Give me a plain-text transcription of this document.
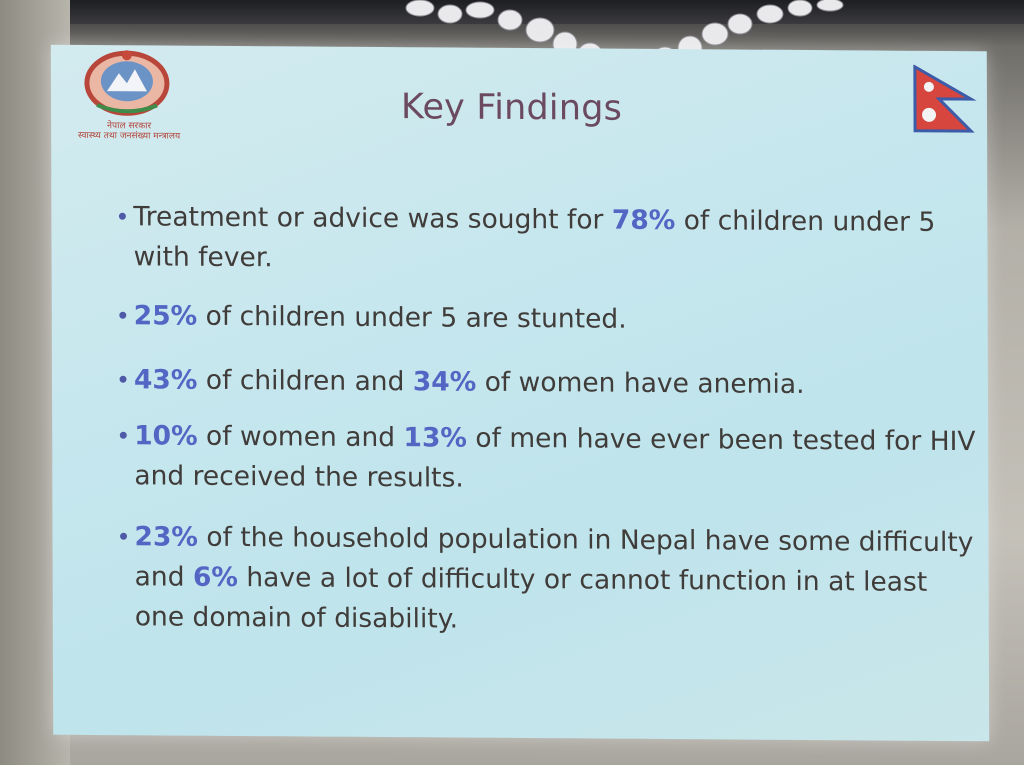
नेपाल सरकार
स्वास्थ्य तथा जनसंख्या मन्त्रालय
Key Findings
• Treatment or advice was sought for 78% of children under 5 with fever.
• 25% of children under 5 are stunted.
• 43% of children and 34% of women have anemia.
• 10% of women and 13% of men have ever been tested for HIV and received the results.
• 23% of the household population in Nepal have some difficulty and 6% have a lot of difficulty or cannot function in at least one domain of disability.
